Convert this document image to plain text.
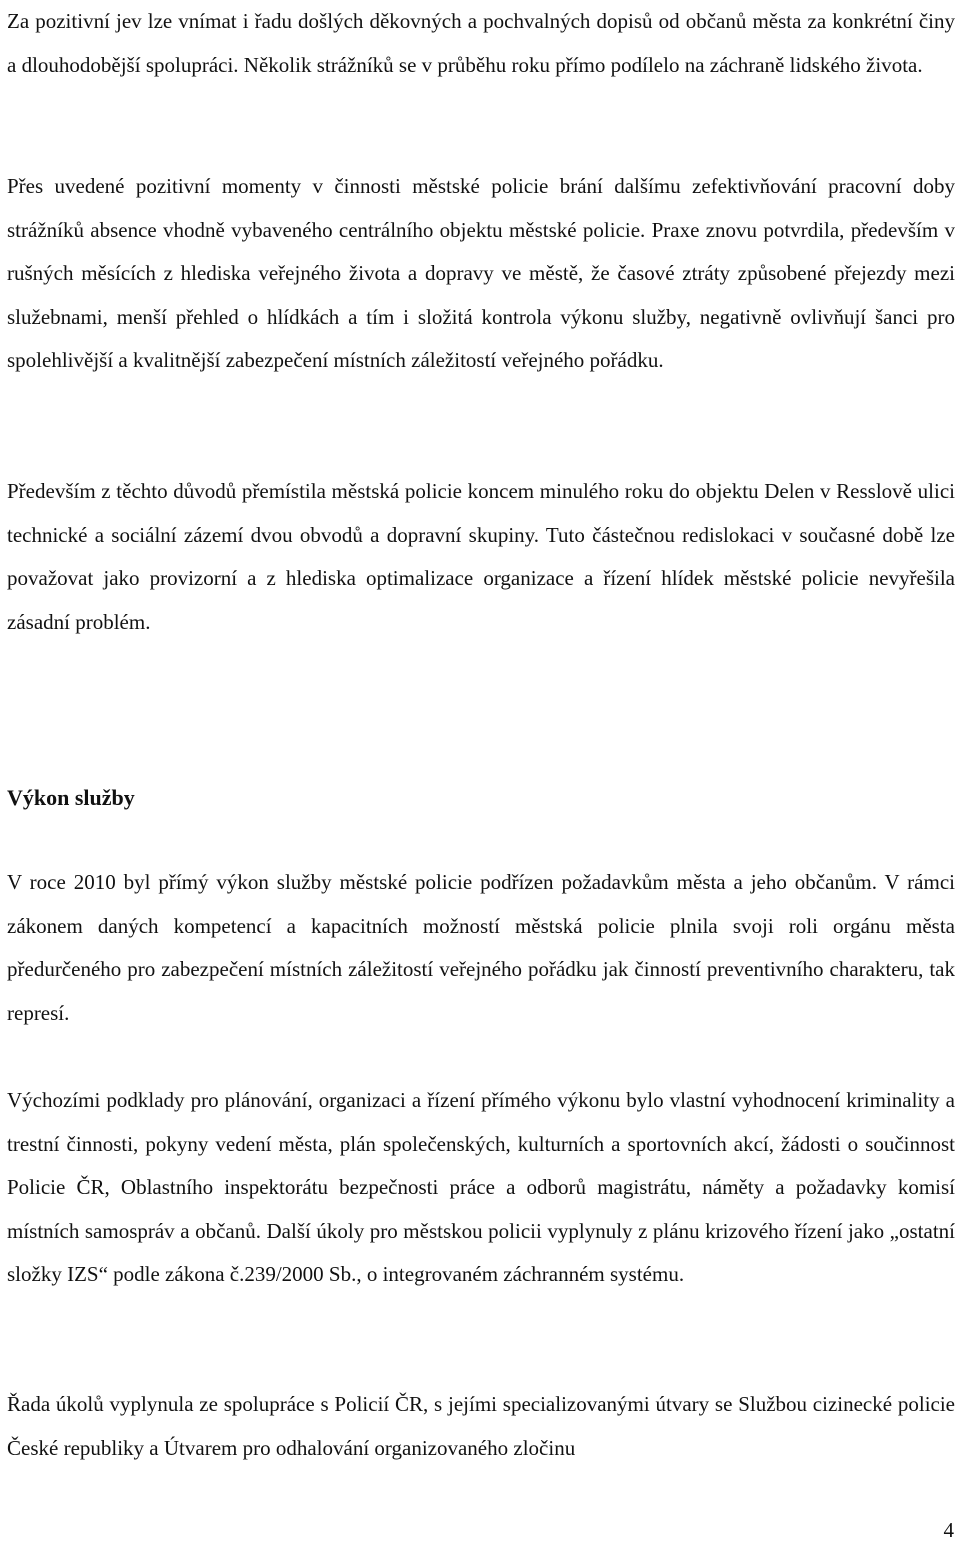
Za pozitivní jev lze vnímat i řadu došlých děkovných a pochvalných dopisů od občanů města za konkrétní činy a dlouhodobější spolupráci. Několik strážníků se v průběhu roku přímo podílelo na záchraně lidského života.

Přes uvedené pozitivní momenty v činnosti městské policie brání dalšímu zefektivňování pracovní doby strážníků absence vhodně vybaveného centrálního objektu městské policie. Praxe znovu potvrdila, především v rušných měsících z hlediska veřejného života a dopravy ve městě, že časové ztráty způsobené přejezdy mezi služebnami, menší přehled o hlídkách a tím i složitá kontrola výkonu služby, negativně ovlivňují šanci pro spolehlivější a kvalitnější zabezpečení místních záležitostí veřejného pořádku.

Především z těchto důvodů přemístila městská policie koncem minulého roku do objektu Delen v Resslově ulici technické a sociální zázemí dvou obvodů a dopravní skupiny. Tuto částečnou redislokaci v současné době lze považovat jako provizorní a z hlediska optimalizace organizace a řízení hlídek městské policie nevyřešila zásadní problém.

Výkon služby

V roce 2010 byl přímý výkon služby městské policie podřízen požadavkům města a jeho občanům. V rámci zákonem daných kompetencí a kapacitních možností městská policie plnila svoji roli orgánu města předurčeného pro zabezpečení místních záležitostí veřejného pořádku jak činností preventivního charakteru, tak represí.

Výchozími podklady pro plánování, organizaci a řízení přímého výkonu bylo vlastní vyhodnocení kriminality a trestní činnosti, pokyny vedení města, plán společenských, kulturních a sportovních akcí, žádosti o součinnost Policie ČR, Oblastního inspektorátu bezpečnosti práce a odborů magistrátu, náměty a požadavky komisí místních samospráv a občanů. Další úkoly pro městskou policii vyplynuly z plánu krizového řízení jako „ostatní složky IZS“ podle zákona č.239/2000 Sb., o integrovaném záchranném systému.

Řada úkolů vyplynula ze spolupráce s Policií ČR, s jejími specializovanými útvary se Službou cizinecké policie České republiky a Útvarem pro odhalování organizovaného zločinu

4
